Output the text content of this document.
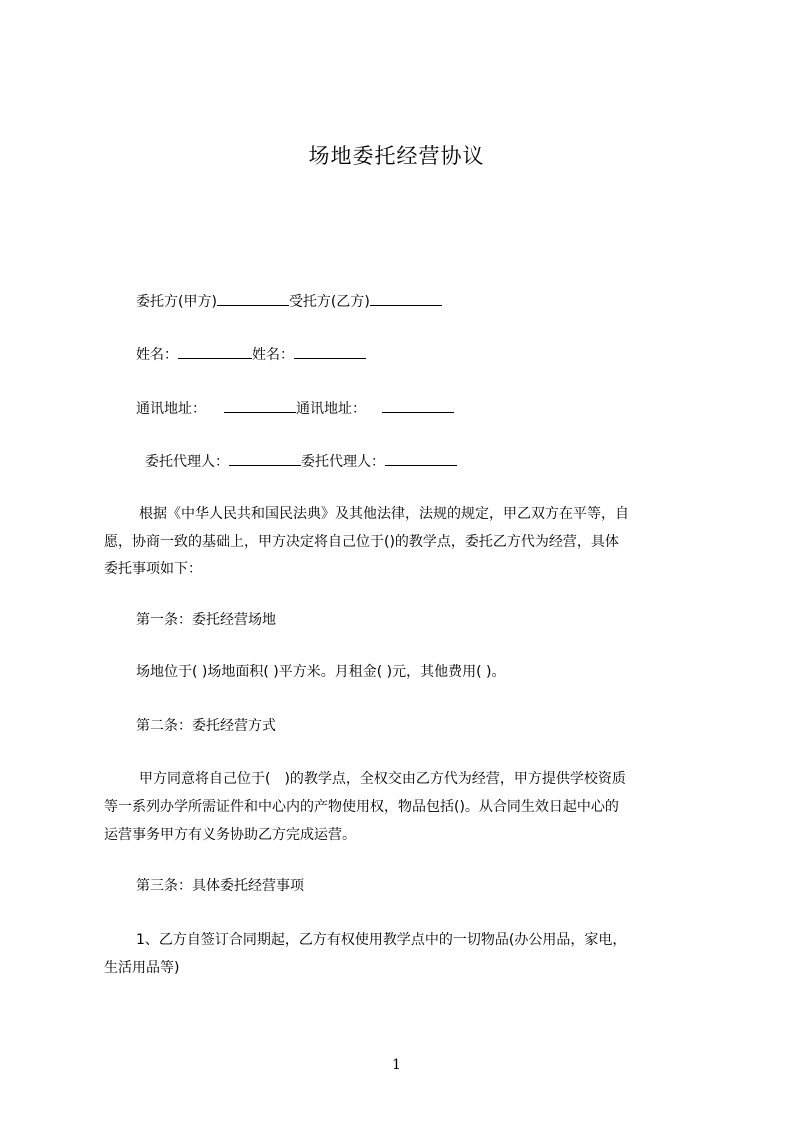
场地委托经营协议
委托方(甲方)	受托方(乙方)
姓名：	姓名：
通讯地址：	通讯地址：
委托代理人：	委托代理人：
根据《中华人民共和国民法典》及其他法律，法规的规定，甲乙双方在平等，自
愿，协商一致的基础上，甲方决定将自己位于()的教学点，委托乙方代为经营，具体
委托事项如下：
第一条：委托经营场地
场地位于( )场地面积( )平方米。月租金( )元，其他费用( )。
第二条：委托经营方式
甲方同意将自己位于(　)的教学点，全权交由乙方代为经营，甲方提供学校资质
等一系列办学所需证件和中心内的产物使用权，物品包括()。从合同生效日起中心的
运营事务甲方有义务协助乙方完成运营。
第三条：具体委托经营事项
1、乙方自签订合同期起，乙方有权使用教学点中的一切物品(办公用品，家电，
生活用品等)
1
